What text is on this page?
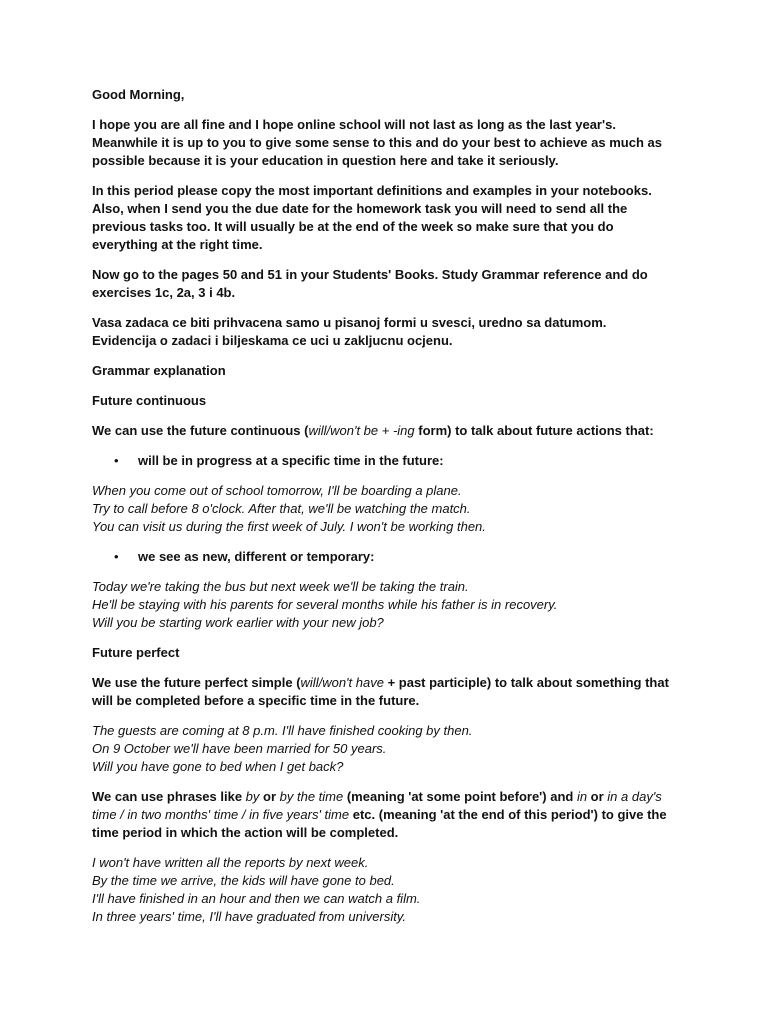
Good Morning,

I hope you are all fine and I hope online school will not last as long as the last year's. Meanwhile it is up to you to give some sense to this and do your best to achieve as much as possible because it is your education in question here and take it seriously.

In this period please copy the most important definitions and examples in your notebooks. Also, when I send you the due date for the homework task you will need to send all the previous tasks too. It will usually be at the end of the week so make sure that you do everything at the right time.

Now go to the pages 50 and 51 in your Students' Books. Study Grammar reference and do exercises 1c, 2a, 3 i 4b.

Vasa zadaca ce biti prihvacena samo u pisanoj formi u svesci, uredno sa datumom. Evidencija o zadaci i biljeskama ce uci u zakljucnu ocjenu.

Grammar explanation

Future continuous

We can use the future continuous (will/won't be + -ing form) to talk about future actions that:

•	will be in progress at a specific time in the future:

When you come out of school tomorrow, I'll be boarding a plane.

Try to call before 8 o'clock. After that, we'll be watching the match.

You can visit us during the first week of July. I won't be working then.

•	we see as new, different or temporary:

Today we're taking the bus but next week we'll be taking the train.

He'll be staying with his parents for several months while his father is in recovery.

Will you be starting work earlier with your new job?

Future perfect

We use the future perfect simple (will/won't have + past participle) to talk about something that will be completed before a specific time in the future.

The guests are coming at 8 p.m. I'll have finished cooking by then.

On 9 October we'll have been married for 50 years.

Will you have gone to bed when I get back?

We can use phrases like by or by the time (meaning 'at some point before') and in or in a day's time / in two months' time / in five years' time etc. (meaning 'at the end of this period') to give the time period in which the action will be completed.

I won't have written all the reports by next week.

By the time we arrive, the kids will have gone to bed.

I'll have finished in an hour and then we can watch a film.

In three years' time, I'll have graduated from university.
